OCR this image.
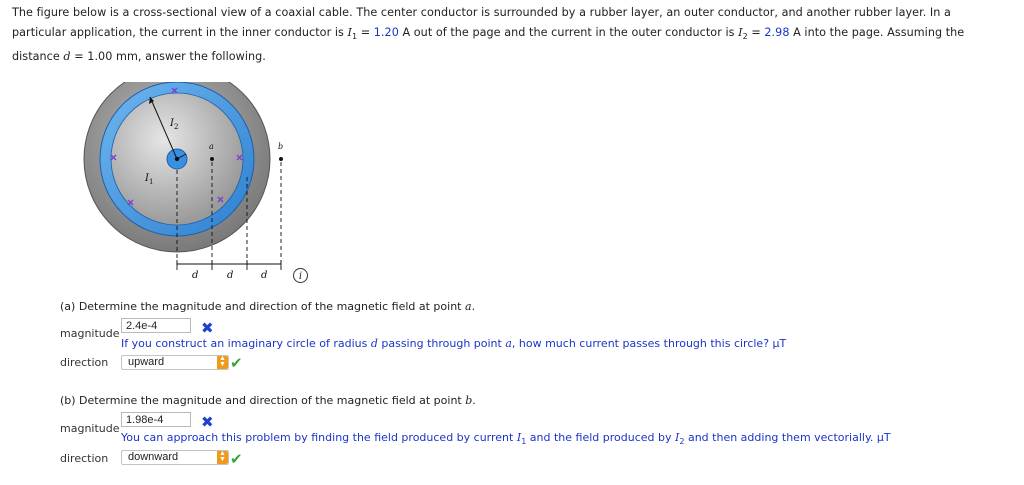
The figure below is a cross-sectional view of a coaxial cable. The center conductor is surrounded by a rubber layer, an outer conductor, and another rubber layer. In a
particular application, the current in the inner conductor is $I_1 = 1.20$ A out of the page and the current in the outer conductor is $I_2 = 2.98$ A into the page. Assuming the
distance d = 1.00 mm, answer the following.
$I_2$
$I_1$
a	b
d	d	d	i
(a) Determine the magnitude and direction of the magnetic field at point a.
magnitude
2.4e-4	✖
If you construct an imaginary circle of radius d passing through point a, how much current passes through this circle? μT
direction	upward	▲
▼ ✔
(b) Determine the magnitude and direction of the magnetic field at point b.
magnitude
1.98e-4	✖
You can approach this problem by finding the field produced by current $I_1$ and the field produced by $I_2$ and then adding them vectorially. μT
direction	downward	▲
▼ ✔
